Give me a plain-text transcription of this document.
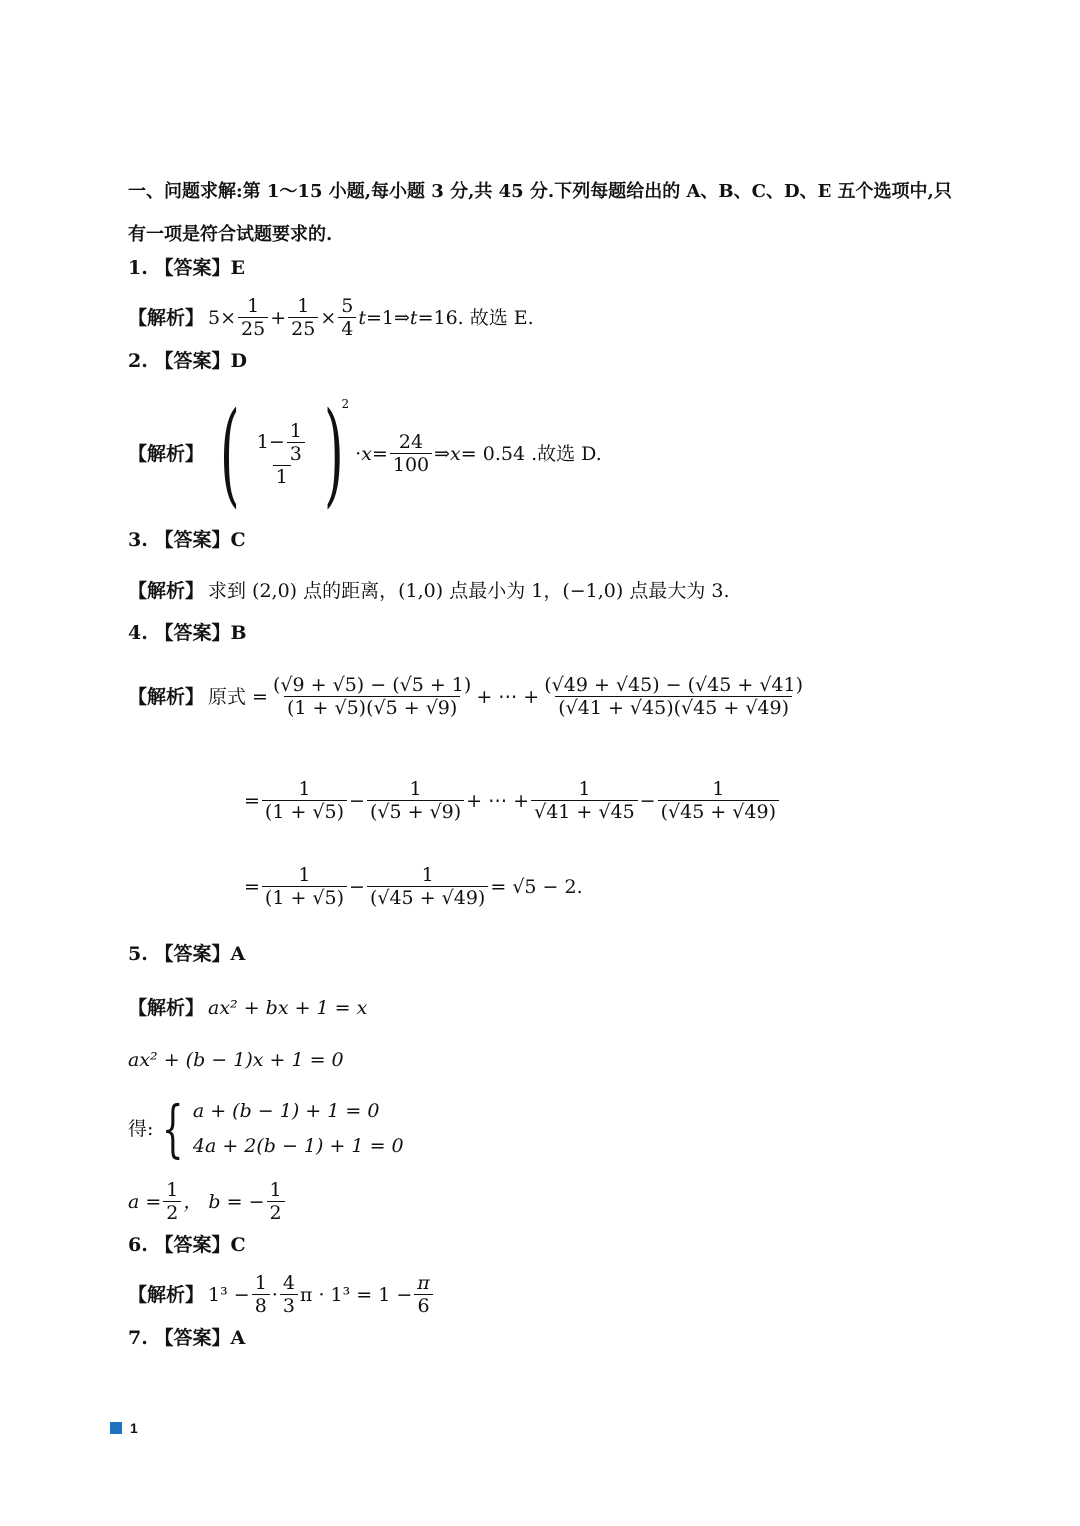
一、问题求解:第 1～15 小题,每小题 3 分,共 45 分.下列每题给出的 A、B、C、D、E 五个选项中,只
有一项是符合试题要求的.
1. 【答案】E
【解析】 $5\times \frac{1}{25} + \frac{1}{25} \times \frac{5}{4}$ t =1⇒ t =16. 故选 E.
2. 【答案】D
【解析】 ( $\frac{1 - \frac{1}{3}}{1}$ )
2
· $x = \frac{24}{100}$ ⇒ x = 0.54 .故选 D.
3. 【答案】C
【解析】 求到 (2,0) 点的距离，(1,0) 点最小为 1，(−1,0) 点最大为 3.
4. 【答案】B
【解析】 原式 = $\frac{(√9 + √5) - (√5 + 1)}{(1 + √5)(√5 + √9)}$ + ⋯ + $\frac{(√49 + √45) - (√45 + √41)}{(√41 + √45)(√45 + √49)}$
= $\frac{1}{(1 + √5)} - \frac{1}{(√5 + √9)}$ + ⋯ + $\frac{1}{√41 + √45} - \frac{1}{(√45 + √49)}$
= $\frac{1}{(1 + √5)} - \frac{1}{(√45 + √49)} = √5 - 2$.
5. 【答案】A
【解析】 ax² + bx + 1 = x
ax² + (b − 1)x + 1 = 0
得: { a + (b − 1) + 1 = 0
4a + 2(b − 1) + 1 = 0
$a = \frac{1}{2}$ ， b = − $\frac{1}{2}$
6. 【答案】C
【解析】 $1^3 - \frac{1}{8} \cdot \frac{4}{3}$ $\pi \cdot 1^3 = 1 - \frac{\pi}{6}$
7. 【答案】A
1
